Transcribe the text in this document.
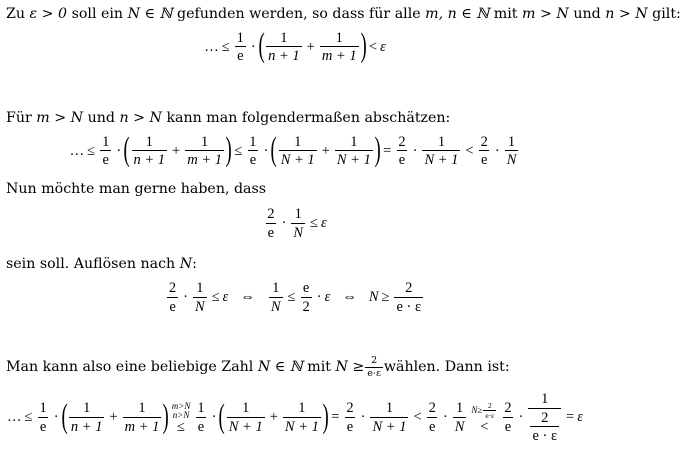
Zu ε > 0 soll ein N ∈ ℕ gefunden werden, so dass für alle m, n ∈ ℕ mit m > N und n > N gilt:
… ≤ $\frac{1}{e}$ · ( $\frac{1}{n + 1} + \frac{1}{m + 1}$ ) < ε
Für m > N und n > N kann man folgendermaßen abschätzen:
… ≤ $\frac{1}{e}$ · ( $\frac{1}{n + 1} + \frac{1}{m + 1}$ ) ≤ $\frac{1}{e}$ · ( $\frac{1}{N + 1} + \frac{1}{N + 1}$ ) = $\frac{2}{e} \cdot \frac{1}{N + 1} < \frac{2}{e} \cdot \frac{1}{N}$
Nun möchte man gerne haben, dass
$\frac{2}{e} \cdot \frac{1}{N} \le \varepsilon$
sein soll. Auflösen nach N:
$\frac{2}{e} \cdot \frac{1}{N} \le \varepsilon$ ⇔ $\frac{1}{N} \le \frac{e}{2} \cdot \varepsilon$ ⇔ $N \ge \frac{2}{e \cdot \varepsilon}$
Man kann also eine beliebige Zahl
N ∈ ℕ
mit
$N \ge \frac{2}{e\cdot\varepsilon}$ wählen. Dann ist:
… ≤ $\frac{1}{e}$ · ( $\frac{1}{n + 1} + \frac{1}{m + 1}$ ) m>N
n>N
≤ $\frac{1}{e}$ · ( $\frac{1}{N + 1} + \frac{1}{N + 1}$ ) = $\frac{2}{e} \cdot \frac{1}{N + 1} < \frac{2}{e} \cdot \frac{1}{N} N\ge \frac{2}{e\cdot\varepsilon}$
< $\frac{2}{e} \cdot \frac{1}{\frac{2}{e \cdot \varepsilon}} = \varepsilon$
